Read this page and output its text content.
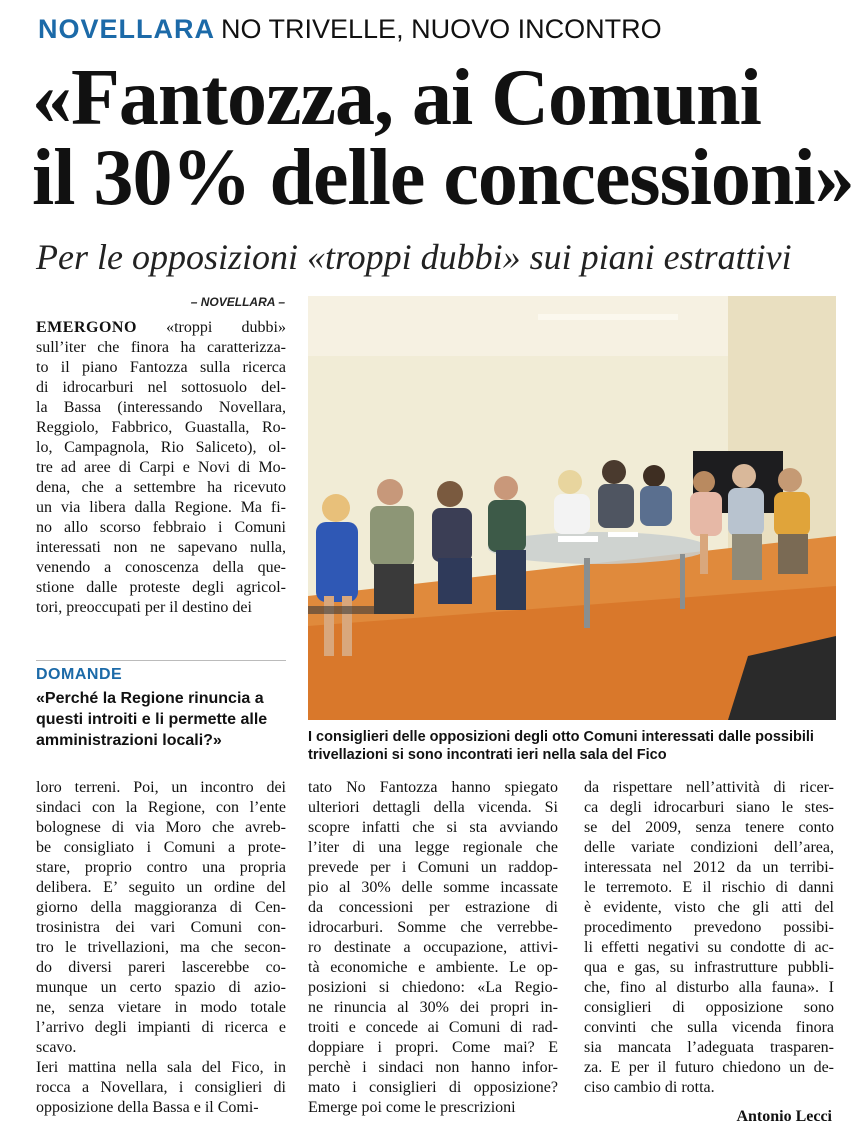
NOVELLARA NO TRIVELLE, NUOVO INCONTRO
«Fantozza, ai Comuni
il 30% delle concessioni»
Per le opposizioni «troppi dubbi» sui piani estrattivi
– NOVELLARA –
EMERGONO «troppi dubbi»
sull’iter che finora ha caratterizza-
to il piano Fantozza sulla ricerca
di idrocarburi nel sottosuolo del-
la Bassa (interessando Novellara,
Reggiolo, Fabbrico, Guastalla, Ro-
lo, Campagnola, Rio Saliceto), ol-
tre ad aree di Carpi e Novi di Mo-
dena, che a settembre ha ricevuto
un via libera dalla Regione. Ma fi-
no allo scorso febbraio i Comuni
interessati non ne sapevano nulla,
venendo a conoscenza della que-
stione dalle proteste degli agricol-
tori, preoccupati per il destino dei
DOMANDE
«Perché la Regione rinuncia a questi introiti e li permette alle amministrazioni locali?»	I consiglieri delle opposizioni degli otto Comuni interessati dalle possibili trivellazioni si sono incontrati ieri nella sala del Fico
loro terreni. Poi, un incontro dei
sindaci con la Regione, con l’ente
bolognese di via Moro che avreb-
be consigliato i Comuni a prote-
stare, proprio contro una propria
delibera. E’ seguito un ordine del
giorno della maggioranza di Cen-
trosinistra dei vari Comuni con-
tro le trivellazioni, ma che secon-
do diversi pareri lascerebbe co-
munque un certo spazio di azio-
ne, senza vietare in modo totale
l’arrivo degli impianti di ricerca e
scavo.
Ieri mattina nella sala del Fico, in
rocca a Novellara, i consiglieri di
opposizione della Bassa e il Comi-
tato No Fantozza hanno spiegato
ulteriori dettagli della vicenda. Si
scopre infatti che si sta avviando
l’iter di una legge regionale che
prevede per i Comuni un raddop-
pio al 30% delle somme incassate
da concessioni per estrazione di
idrocarburi. Somme che verrebbe-
ro destinate a occupazione, attivi-
tà economiche e ambiente. Le op-
posizioni si chiedono: «La Regio-
ne rinuncia al 30% dei propri in-
troiti e concede ai Comuni di rad-
doppiare i propri. Come mai? E
perchè i sindaci non hanno infor-
mato i consiglieri di opposizione?
Emerge poi come le prescrizioni
da rispettare nell’attività di ricer-
ca degli idrocarburi siano le stes-
se del 2009, senza tenere conto
delle variate condizioni dell’area,
interessata nel 2012 da un terribi-
le terremoto. E il rischio di danni
è evidente, visto che gli atti del
procedimento prevedono possibi-
li effetti negativi su condotte di ac-
qua e gas, su infrastrutture pubbli-
che, fino al disturbo alla fauna». I
consiglieri di opposizione sono
convinti che sulla vicenda finora
sia mancata l’adeguata trasparen-
za. E per il futuro chiedono un de-
ciso cambio di rotta.
Antonio Lecci
